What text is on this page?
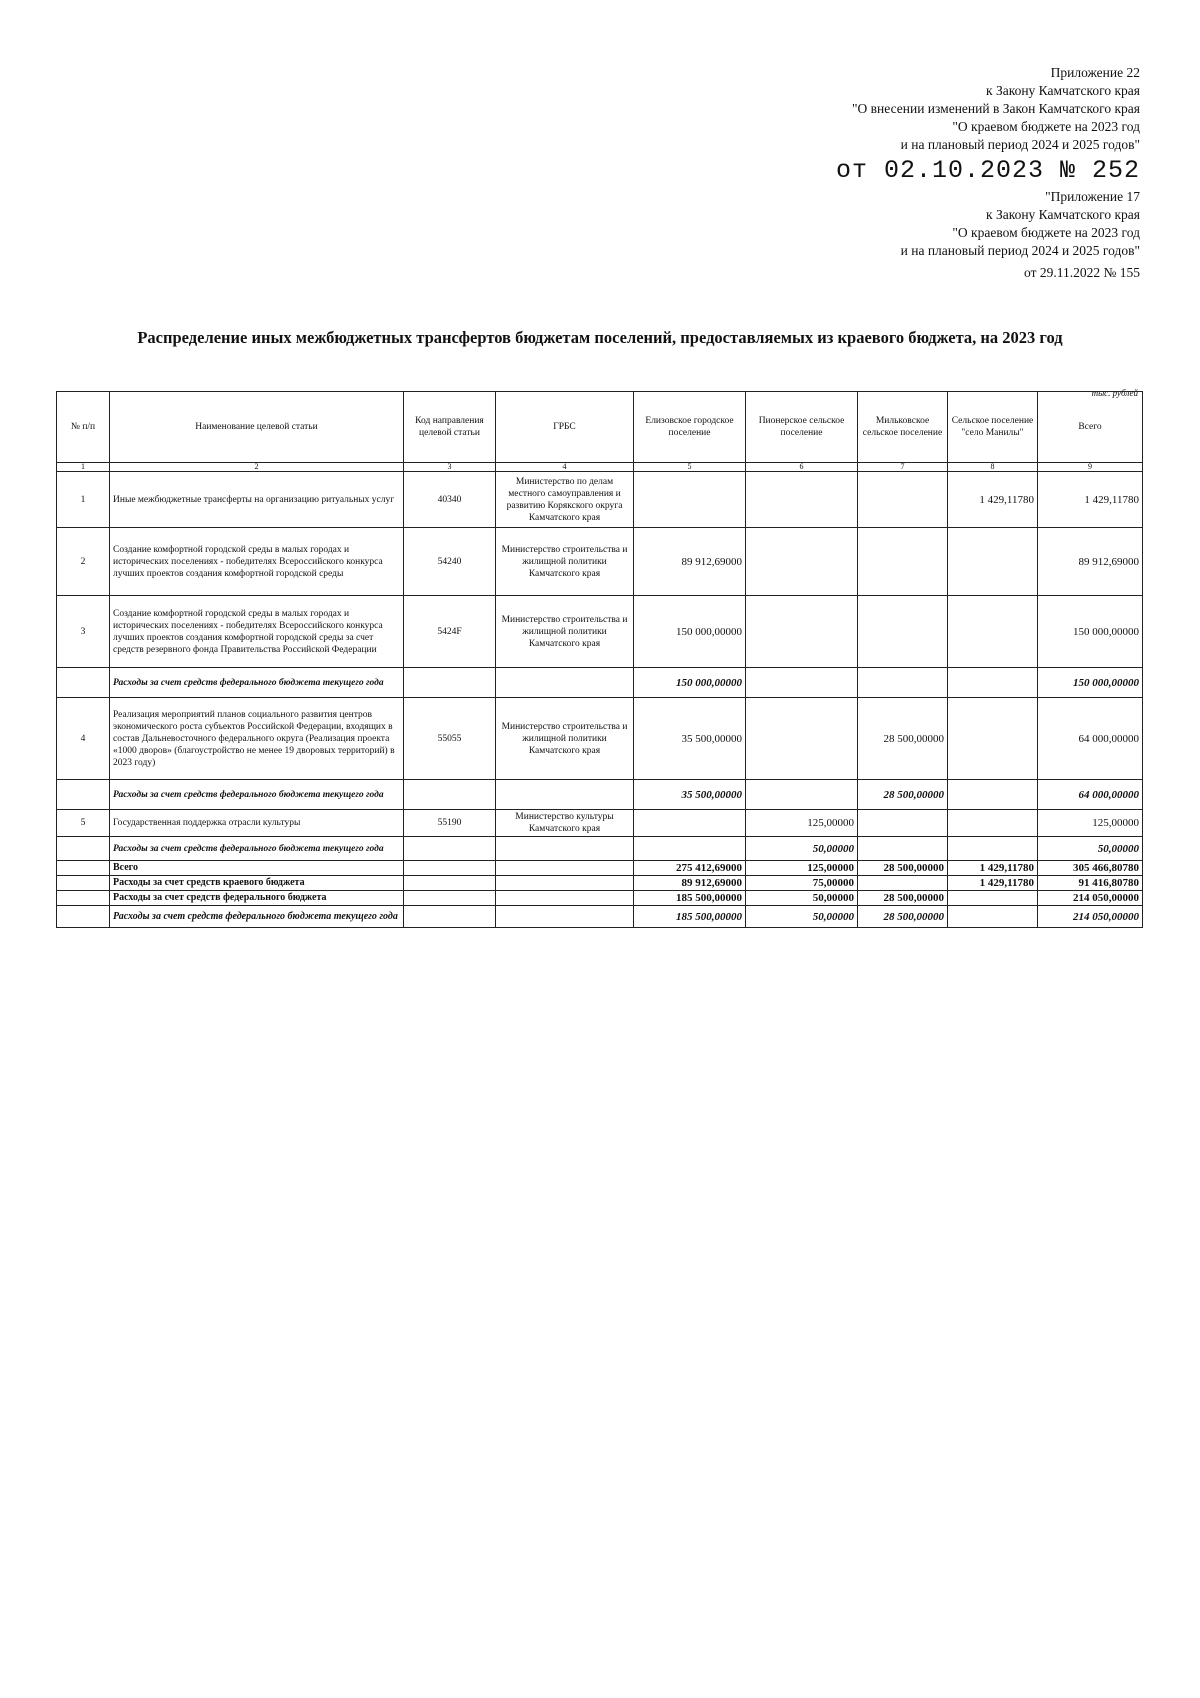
Приложение 22
к Закону Камчатского края
"О внесении изменений в Закон Камчатского края
"О краевом бюджете на 2023 год
и на плановый период 2024 и 2025 годов"
от 02.10.2023 № 252
"Приложение 17
к Закону Камчатского края
"О краевом бюджете на 2023 год
и на плановый период 2024 и 2025 годов"
от 29.11.2022 № 155
Распределение иных межбюджетных трансфертов бюджетам поселений, предоставляемых из краевого бюджета, на 2023 год
тыс. рублей
№ п/п	Наименование целевой статьи	Код направления целевой статьи	ГРБС	Елизовское городское поселение	Пионерское сельское поселение	Мильковское сельское поселение	Сельское поселение "село Манилы"	Всего
1	2	3	4	5	6	7	8	9
1	Иные межбюджетные трансферты на организацию ритуальных услуг	40340	Министерство по делам местного самоуправления и развитию Корякского округа Камчатского края				1 429,11780	1 429,11780
2	Создание комфортной городской среды в малых городах и исторических поселениях - победителях Всероссийского конкурса лучших проектов создания комфортной городской среды	54240	Министерство строительства и жилищной политики Камчатского края	89 912,69000				89 912,69000
3	Создание комфортной городской среды в малых городах и исторических поселениях - победителях Всероссийского конкурса лучших проектов создания комфортной городской среды за счет средств резервного фонда Правительства Российской Федерации	5424F	Министерство строительства и жилищной политики Камчатского края	150 000,00000				150 000,00000
	Расходы за счет средств федерального бюджета текущего года			150 000,00000				150 000,00000
4	Реализация мероприятий планов социального развития центров экономического роста субъектов Российской Федерации, входящих в состав Дальневосточного федерального округа (Реализация проекта «1000 дворов» (благоустройство не менее 19 дворовых территорий) в 2023 году)	55055	Министерство строительства и жилищной политики Камчатского края	35 500,00000		28 500,00000		64 000,00000
	Расходы за счет средств федерального бюджета текущего года			35 500,00000		28 500,00000		64 000,00000
5	Государственная поддержка отрасли культуры	55190	Министерство культуры Камчатского края		125,00000			125,00000
	Расходы за счет средств федерального бюджета текущего года				50,00000			50,00000
	Всего			275 412,69000	125,00000	28 500,00000	1 429,11780	305 466,80780
	Расходы за счет средств краевого бюджета			89 912,69000	75,00000		1 429,11780	91 416,80780
	Расходы за счет средств федерального бюджета			185 500,00000	50,00000	28 500,00000		214 050,00000
	Расходы за счет средств федерального бюджета текущего года			185 500,00000	50,00000	28 500,00000		214 050,00000
